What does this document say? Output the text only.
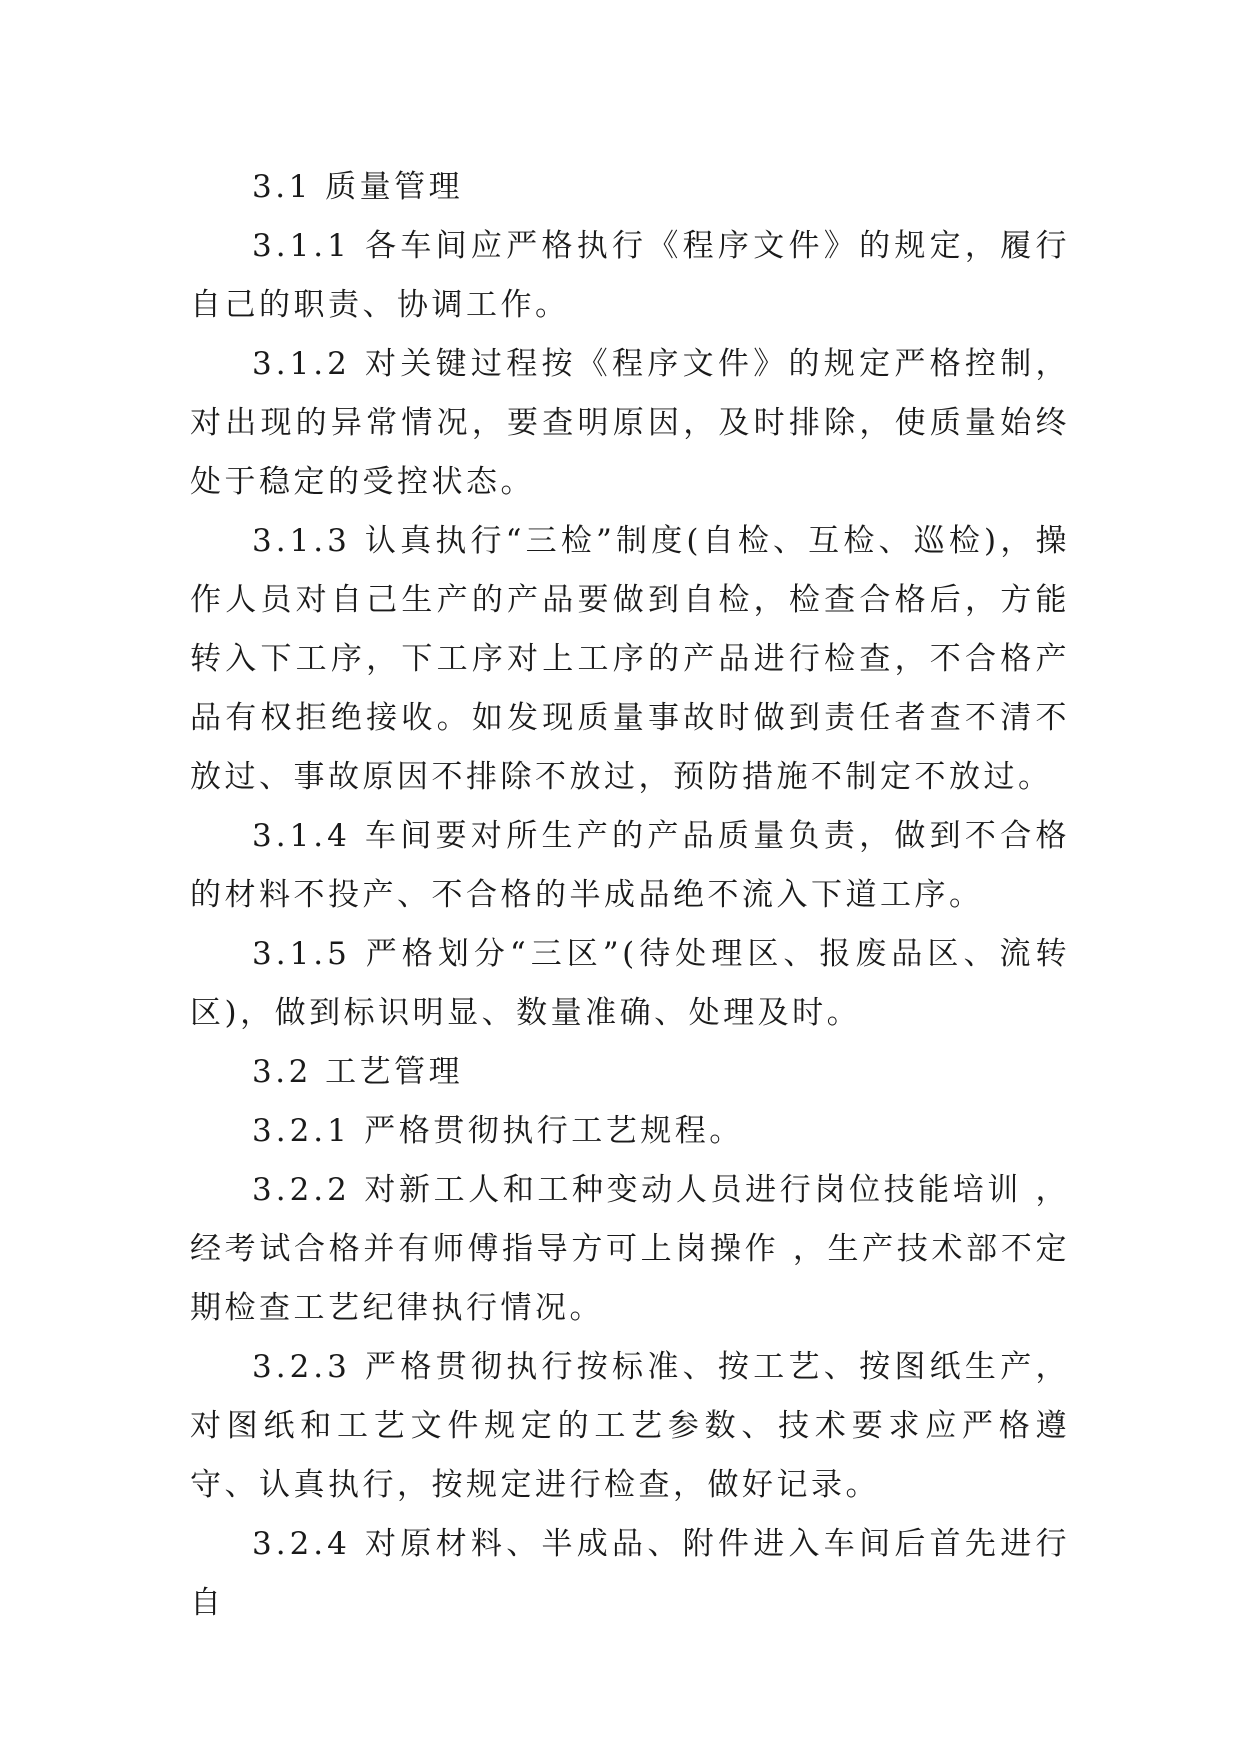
3.1 质量管理

3.1.1 各车间应严格执行《程序文件》的规定，履行自己的职责、协调工作。

3.1.2 对关键过程按《程序文件》的规定严格控制，对出现的异常情况，要查明原因，及时排除，使质量始终处于稳定的受控状态。

3.1.3 认真执行“三检”制度(自检、互检、巡检)，操作人员对自己生产的产品要做到自检，检查合格后，方能转入下工序，下工序对上工序的产品进行检查，不合格产品有权拒绝接收。如发现质量事故时做到责任者查不清不放过、事故原因不排除不放过，预防措施不制定不放过。

3.1.4 车间要对所生产的产品质量负责，做到不合格的材料不投产、不合格的半成品绝不流入下道工序。

3.1.5 严格划分“三区”(待处理区、报废品区、流转区)，做到标识明显、数量准确、处理及时。

3.2 工艺管理

3.2.1 严格贯彻执行工艺规程。

3.2.2 对新工人和工种变动人员进行岗位技能培训 ，经考试合格并有师傅指导方可上岗操作 ，生产技术部不定期检查工艺纪律执行情况。

3.2.3 严格贯彻执行按标准、按工艺、按图纸生产，对图纸和工艺文件规定的工艺参数、技术要求应严格遵守、认真执行，按规定进行检查，做好记录。

3.2.4 对原材料、半成品、附件进入车间后首先进行自
